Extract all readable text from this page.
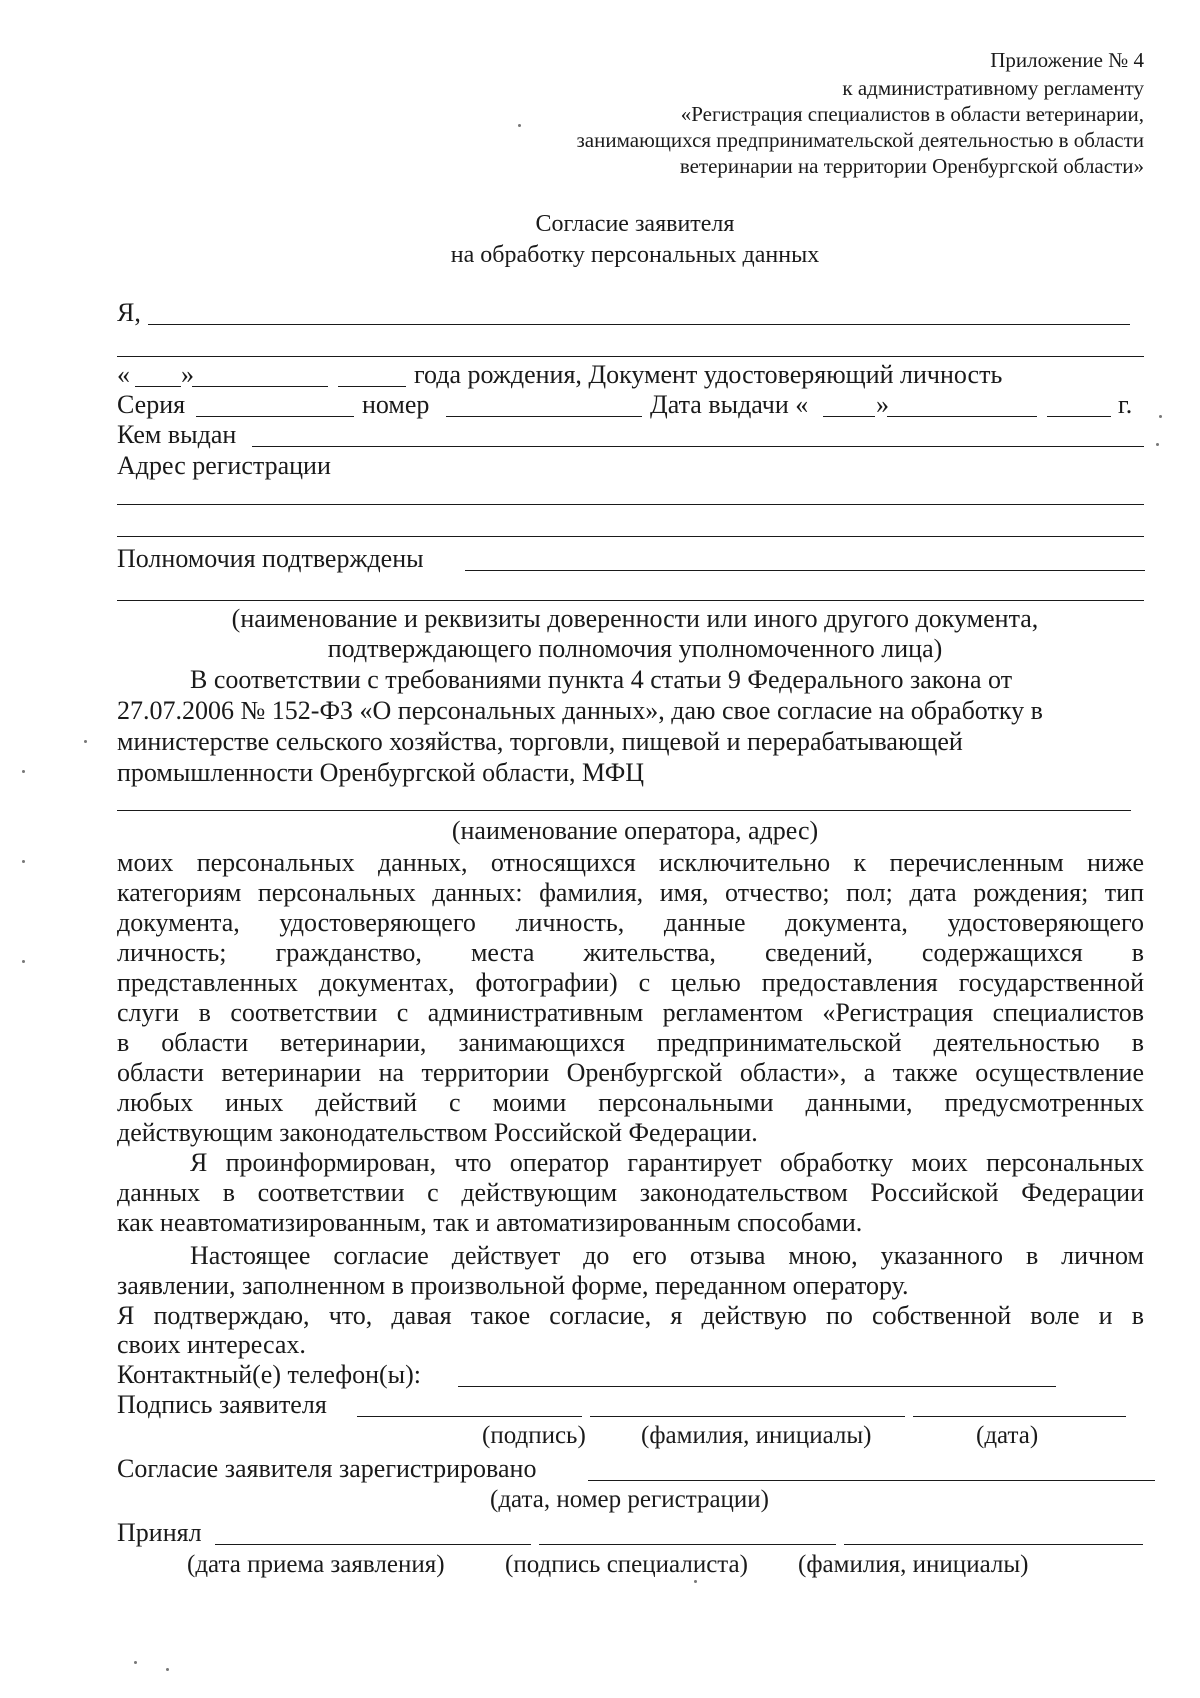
Приложение № 4
к административному регламенту
«Регистрация специалистов в области ветеринарии,
занимающихся предпринимательской деятельностью в области
ветеринарии на территории Оренбургской области»
Согласие заявителя
на обработку персональных данных
Я,
« »	года рождения, Документ удостоверяющий личность
Серия	номер	Дата выдачи «	»	г.
Кем выдан
Адрес регистрации
Полномочия подтверждены
(наименование и реквизиты доверенности или иного другого документа,
подтверждающего полномочия уполномоченного лица)
В соответствии с требованиями пункта 4 статьи 9 Федерального закона от
27.07.2006 № 152-ФЗ «О персональных данных», даю свое согласие на обработку в
министерстве сельского хозяйства, торговли, пищевой и перерабатывающей
промышленности Оренбургской области, МФЦ
(наименование оператора, адрес)
моих персональных данных, относящихся исключительно к перечисленным ниже
категориям персональных данных: фамилия, имя, отчество; пол; дата рождения; тип
документа, удостоверяющего личность, данные документа, удостоверяющего
личность; гражданство, места жительства, сведений, содержащихся в
представленных документах, фотографии) с целью предоставления государственной
слуги в соответствии с административным регламентом «Регистрация специалистов
в области ветеринарии, занимающихся предпринимательской деятельностью в
области ветеринарии на территории Оренбургской области», а также осуществление
любых иных действий с моими персональными данными, предусмотренных
действующим законодательством Российской Федерации.
Я проинформирован, что оператор гарантирует обработку моих персональных
данных в соответствии с действующим законодательством Российской Федерации
как неавтоматизированным, так и автоматизированным способами.
Настоящее согласие действует до его отзыва мною, указанного в личном
заявлении, заполненном в произвольной форме, переданном оператору.
Я подтверждаю, что, давая такое согласие, я действую по собственной воле и в
своих интересах.
Контактный(е) телефон(ы):
Подпись заявителя
(подпись) (фамилия, инициалы)	(дата)
Согласие заявителя зарегистрировано
(дата, номер регистрации)
Принял
(дата приема заявления) (подпись специалиста) (фамилия, инициалы)
